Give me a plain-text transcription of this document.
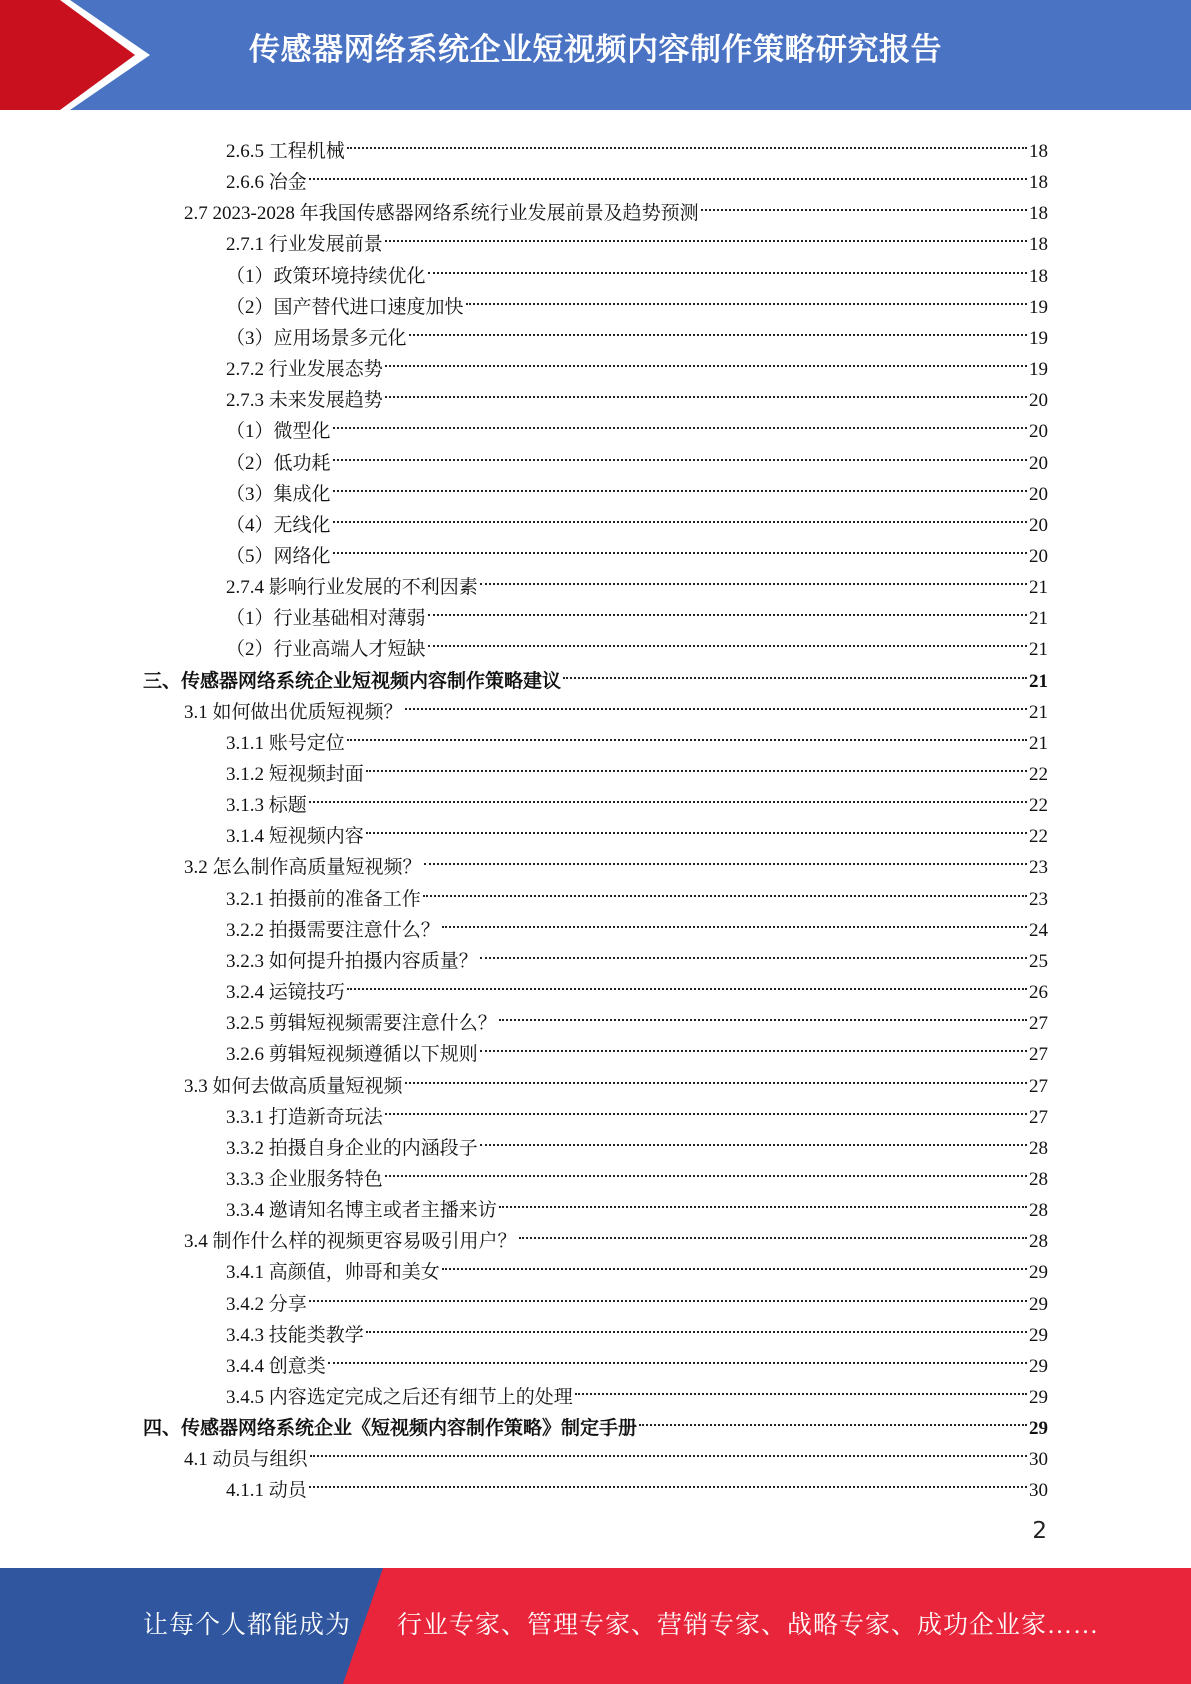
传感器网络系统企业短视频内容制作策略研究报告
2.6.5 工程机械	18
2.6.6 冶金	18
2.7 2023-2028 年我国传感器网络系统行业发展前景及趋势预测	18
2.7.1 行业发展前景	18
（1）政策环境持续优化	18
（2）国产替代进口速度加快	19
（3）应用场景多元化	19
2.7.2 行业发展态势	19
2.7.3 未来发展趋势	20
（1）微型化	20
（2）低功耗	20
（3）集成化	20
（4）无线化	20
（5）网络化	20
2.7.4 影响行业发展的不利因素	21
（1）行业基础相对薄弱	21
（2）行业高端人才短缺	21
三、传感器网络系统企业短视频内容制作策略建议	21
3.1 如何做出优质短视频？	21
3.1.1 账号定位	21
3.1.2 短视频封面	22
3.1.3 标题	22
3.1.4 短视频内容	22
3.2 怎么制作高质量短视频？	23
3.2.1 拍摄前的准备工作	23
3.2.2 拍摄需要注意什么？	24
3.2.3 如何提升拍摄内容质量？	25
3.2.4 运镜技巧	26
3.2.5 剪辑短视频需要注意什么？	27
3.2.6 剪辑短视频遵循以下规则	27
3.3 如何去做高质量短视频	27
3.3.1 打造新奇玩法	27
3.3.2 拍摄自身企业的内涵段子	28
3.3.3 企业服务特色	28
3.3.4 邀请知名博主或者主播来访	28
3.4 制作什么样的视频更容易吸引用户？	28
3.4.1 高颜值，帅哥和美女	29
3.4.2 分享	29
3.4.3 技能类教学	29
3.4.4 创意类	29
3.4.5 内容选定完成之后还有细节上的处理	29
四、传感器网络系统企业《短视频内容制作策略》制定手册	29
4.1 动员与组织	30
4.1.1 动员	30
2
让每个人都能成为 行业专家、管理专家、营销专家、战略专家、成功企业家……
